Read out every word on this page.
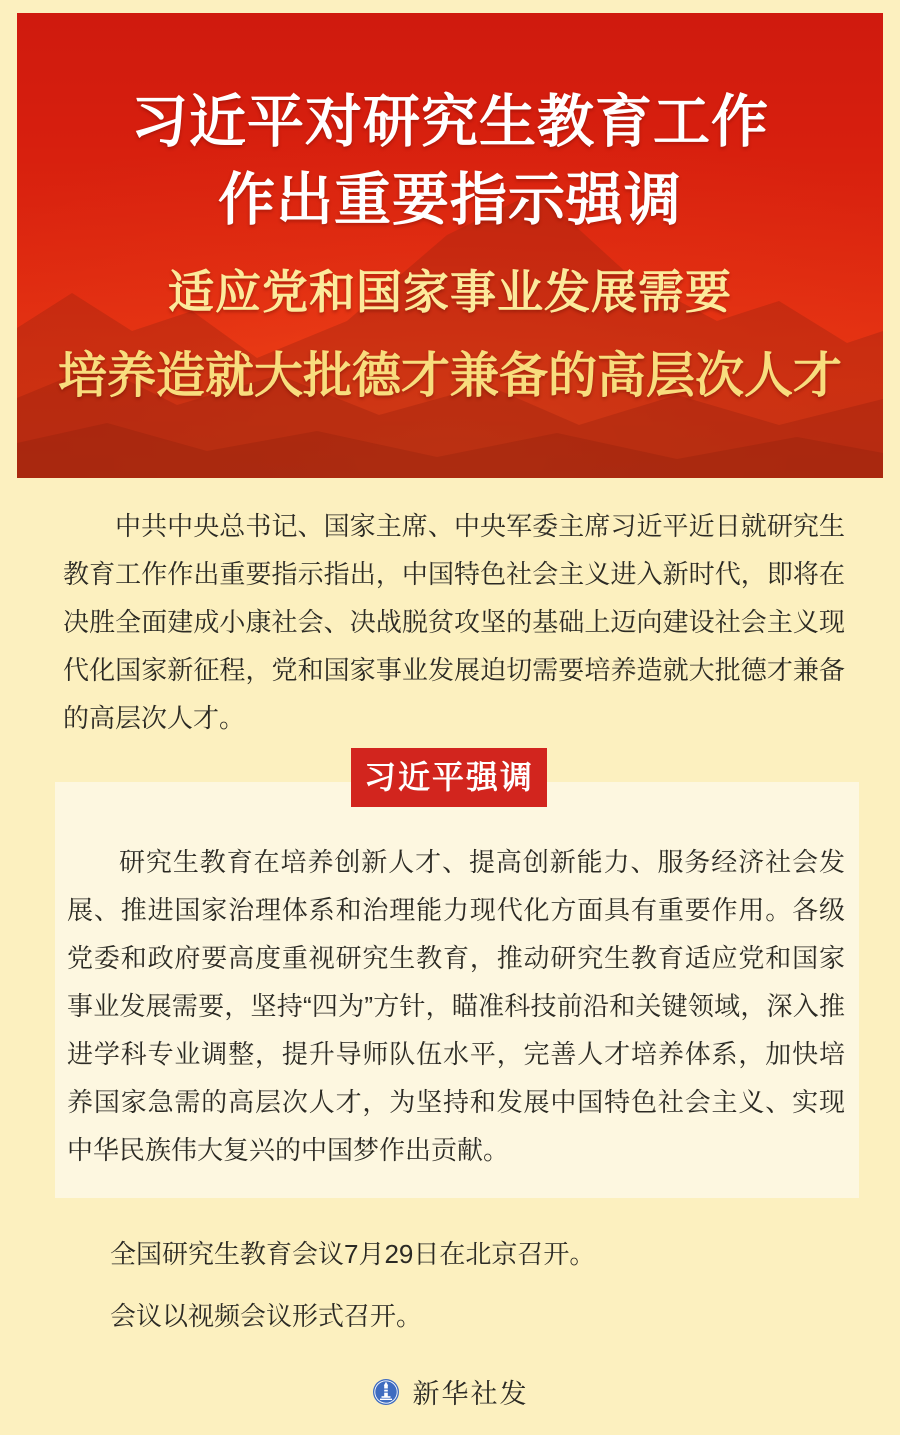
习近平对研究生教育工作
作出重要指示强调
适应党和国家事业发展需要
培养造就大批德才兼备的高层次人才

中共中央总书记、国家主席、中央军委主席习近平近日就研究生教育工作作出重要指示指出，中国特色社会主义进入新时代，即将在决胜全面建成小康社会、决战脱贫攻坚的基础上迈向建设社会主义现代化国家新征程，党和国家事业发展迫切需要培养造就大批德才兼备的高层次人才。

习近平强调
研究生教育在培养创新人才、提高创新能力、服务经济社会发展、推进国家治理体系和治理能力现代化方面具有重要作用。各级党委和政府要高度重视研究生教育，推动研究生教育适应党和国家事业发展需要，坚持“四为”方针，瞄准科技前沿和关键领域，深入推进学科专业调整，提升导师队伍水平，完善人才培养体系，加快培养国家急需的高层次人才，为坚持和发展中国特色社会主义、实现中华民族伟大复兴的中国梦作出贡献。

全国研究生教育会议7月29日在北京召开。

会议以视频会议形式召开。

新华社发
